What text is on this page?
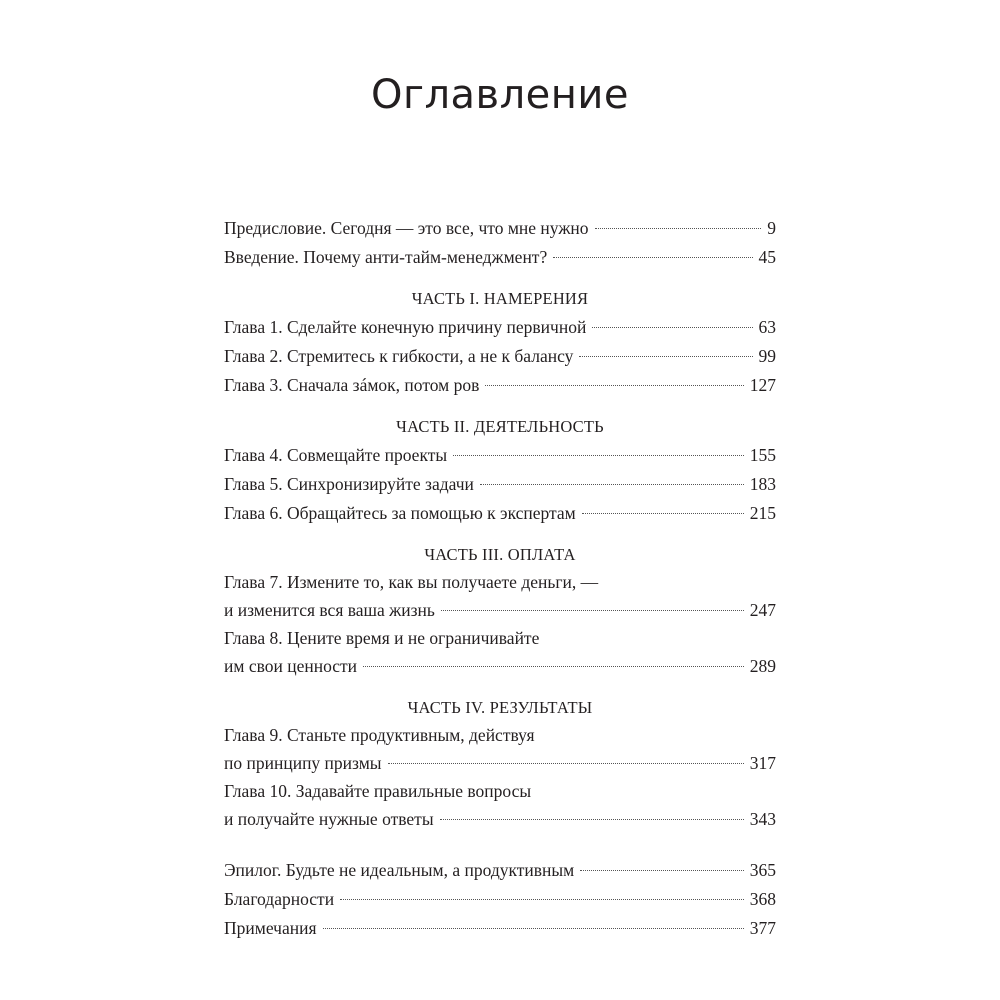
Оглавление
Предисловие. Сегодня — это все, что мне нужно	9
Введение. Почему анти-тайм-менеджмент?	45
ЧАСТЬ I. НАМЕРЕНИЯ
Глава 1. Сделайте конечную причину первичной	63
Глава 2. Стремитесь к гибкости, а не к балансу	99
Глава 3. Сначала зáмок, потом ров	127
ЧАСТЬ II. ДЕЯТЕЛЬНОСТЬ
Глава 4. Совмещайте проекты	155
Глава 5. Синхронизируйте задачи	183
Глава 6. Обращайтесь за помощью к экспертам	215
ЧАСТЬ III. ОПЛАТА
Глава 7. Измените то, как вы получаете деньги, —
и изменится вся ваша жизнь	247
Глава 8. Цените время и не ограничивайте
им свои ценности	289
ЧАСТЬ IV. РЕЗУЛЬТАТЫ
Глава 9. Станьте продуктивным, действуя
по принципу призмы	317
Глава 10. Задавайте правильные вопросы
и получайте нужные ответы	343
Эпилог. Будьте не идеальным, а продуктивным	365
Благодарности	368
Примечания	377
